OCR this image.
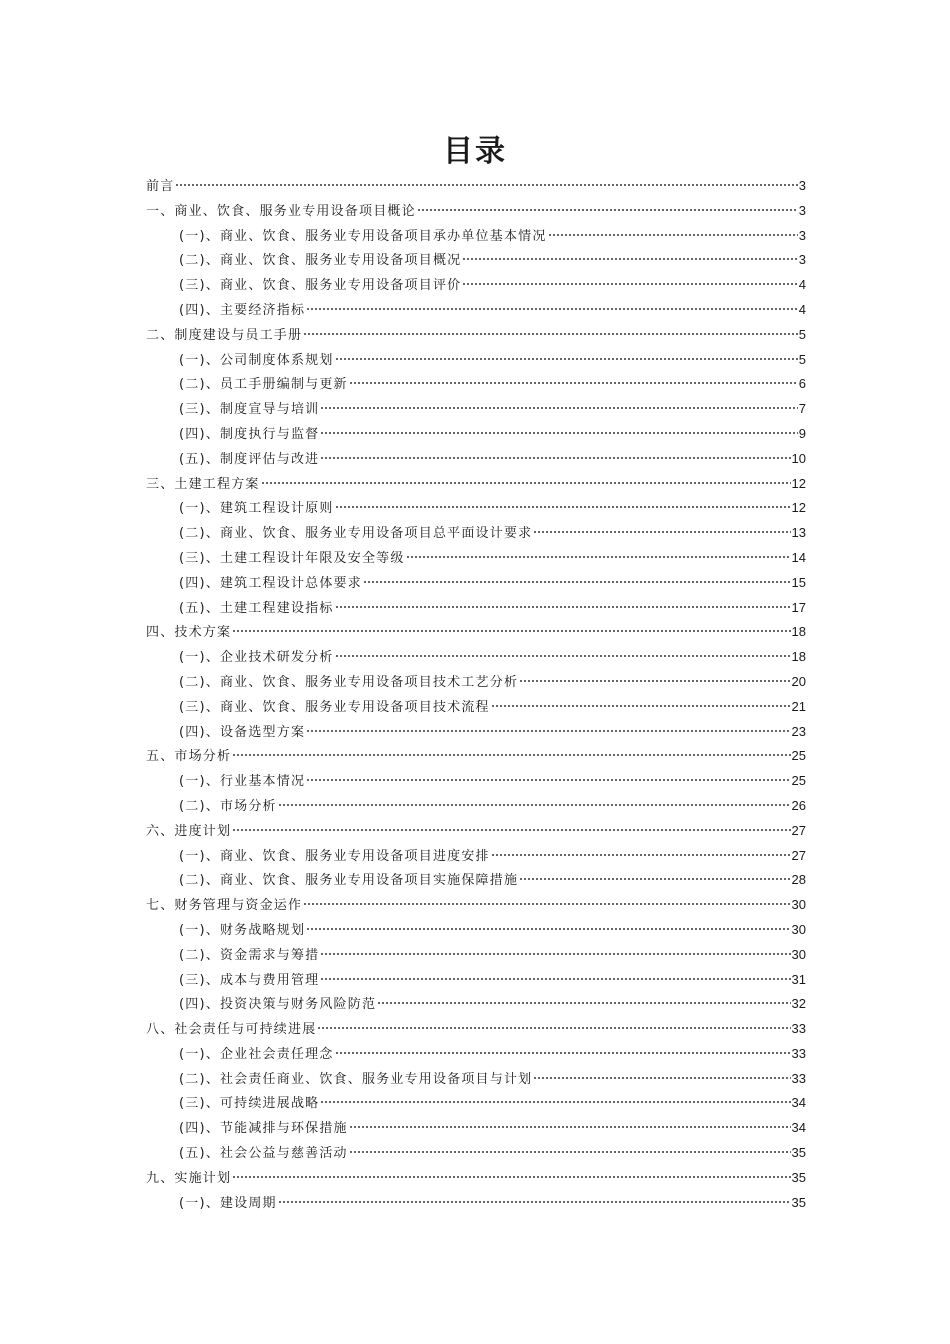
目录
前言	3
一、商业、饮食、服务业专用设备项目概论	3
(一)、商业、饮食、服务业专用设备项目承办单位基本情况	3
(二)、商业、饮食、服务业专用设备项目概况	3
(三)、商业、饮食、服务业专用设备项目评价	4
(四)、主要经济指标	4
二、制度建设与员工手册	5
(一)、公司制度体系规划	5
(二)、员工手册编制与更新	6
(三)、制度宣导与培训	7
(四)、制度执行与监督	9
(五)、制度评估与改进	10
三、土建工程方案	12
(一)、建筑工程设计原则	12
(二)、商业、饮食、服务业专用设备项目总平面设计要求	13
(三)、土建工程设计年限及安全等级	14
(四)、建筑工程设计总体要求	15
(五)、土建工程建设指标	17
四、技术方案	18
(一)、企业技术研发分析	18
(二)、商业、饮食、服务业专用设备项目技术工艺分析	20
(三)、商业、饮食、服务业专用设备项目技术流程	21
(四)、设备选型方案	23
五、市场分析	25
(一)、行业基本情况	25
(二)、市场分析	26
六、进度计划	27
(一)、商业、饮食、服务业专用设备项目进度安排	27
(二)、商业、饮食、服务业专用设备项目实施保障措施	28
七、财务管理与资金运作	30
(一)、财务战略规划	30
(二)、资金需求与筹措	30
(三)、成本与费用管理	31
(四)、投资决策与财务风险防范	32
八、社会责任与可持续进展	33
(一)、企业社会责任理念	33
(二)、社会责任商业、饮食、服务业专用设备项目与计划	33
(三)、可持续进展战略	34
(四)、节能减排与环保措施	34
(五)、社会公益与慈善活动	35
九、实施计划	35
(一)、建设周期	35
